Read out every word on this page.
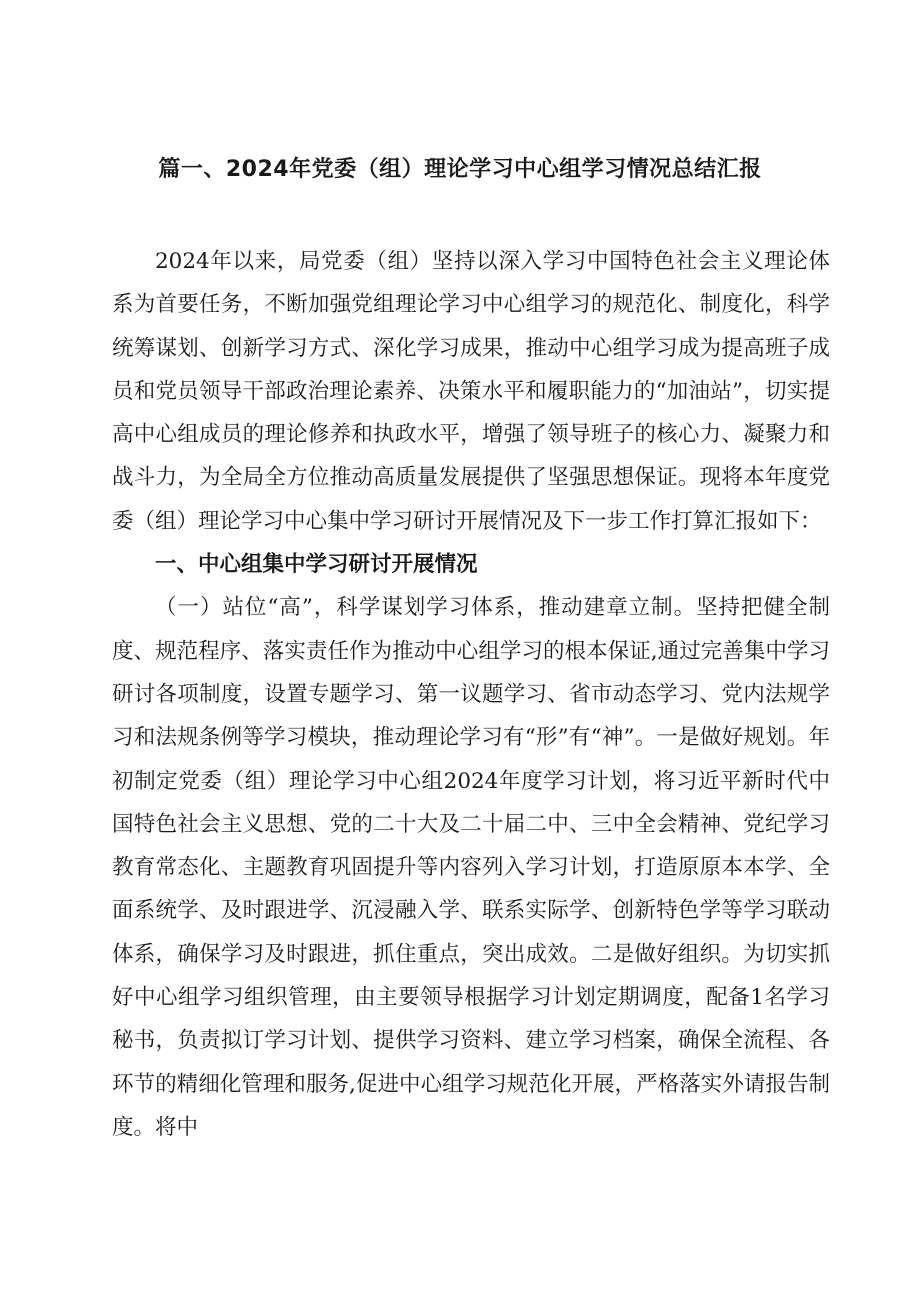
篇一、2024年党委（组）理论学习中心组学习情况总结汇报

2024年以来，局党委（组）坚持以深入学习中国特色社会主义理论体系为首要任务，不断加强党组理论学习中心组学习的规范化、制度化，科学统筹谋划、创新学习方式、深化学习成果，推动中心组学习成为提高班子成员和党员领导干部政治理论素养、决策水平和履职能力的“加油站”，切实提高中心组成员的理论修养和执政水平，增强了领导班子的核心力、凝聚力和战斗力，为全局全方位推动高质量发展提供了坚强思想保证。现将本年度党委（组）理论学习中心集中学习研讨开展情况及下一步工作打算汇报如下：

一、中心组集中学习研讨开展情况

（一）站位“高”，科学谋划学习体系，推动建章立制。坚持把健全制度、规范程序、落实责任作为推动中心组学习的根本保证,通过完善集中学习研讨各项制度，设置专题学习、第一议题学习、省市动态学习、党内法规学习和法规条例等学习模块，推动理论学习有“形”有“神”。一是做好规划。年初制定党委（组）理论学习中心组2024年度学习计划，将习近平新时代中国特色社会主义思想、党的二十大及二十届二中、三中全会精神、党纪学习教育常态化、主题教育巩固提升等内容列入学习计划，打造原原本本学、全面系统学、及时跟进学、沉浸融入学、联系实际学、创新特色学等学习联动体系，确保学习及时跟进，抓住重点，突出成效。二是做好组织。为切实抓好中心组学习组织管理，由主要领导根据学习计划定期调度，配备1名学习秘书，负责拟订学习计划、提供学习资料、建立学习档案，确保全流程、各环节的精细化管理和服务,促进中心组学习规范化开展，严格落实外请报告制度。将中
